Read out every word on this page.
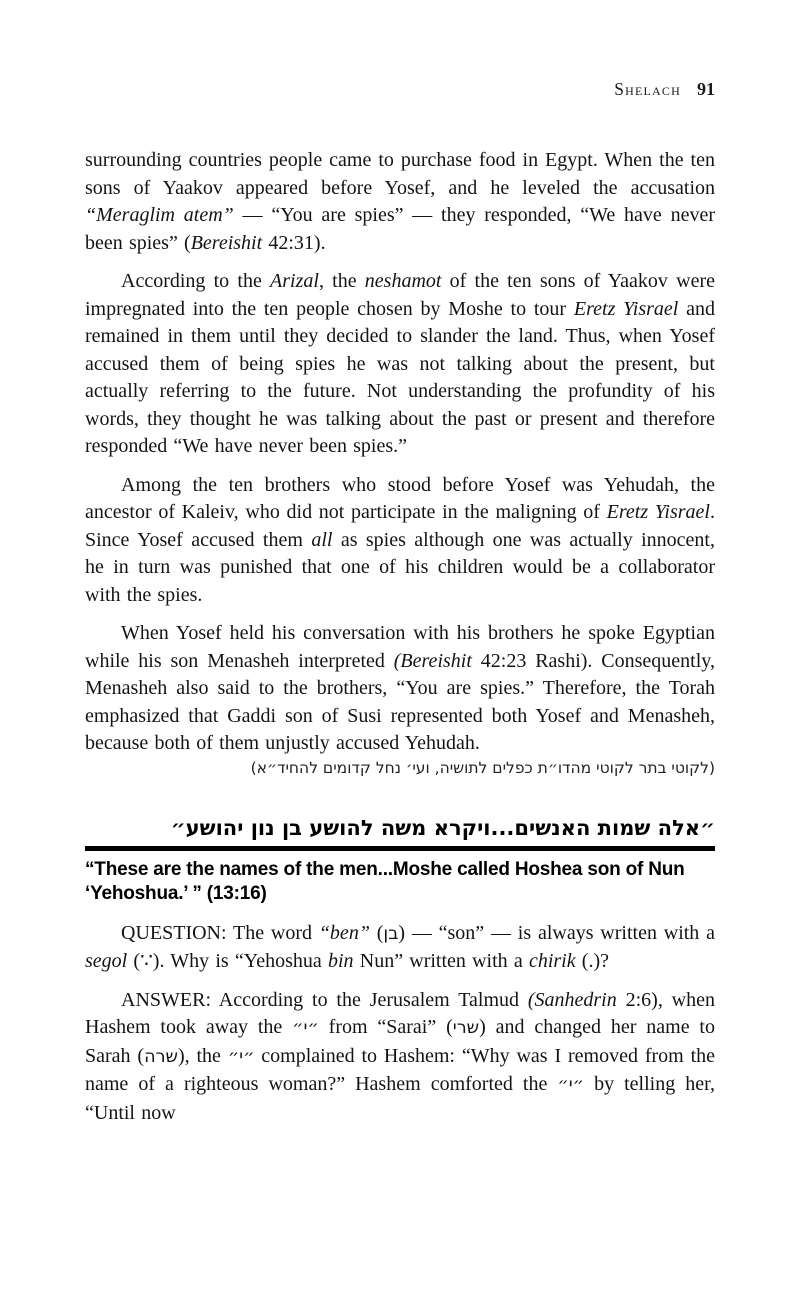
Shelach 91

surrounding countries people came to purchase food in Egypt. When the ten sons of Yaakov appeared before Yosef, and he leveled the accusation “Meraglim atem” — “You are spies” — they responded, “We have never been spies” (Bereishit 42:31).

According to the Arizal, the neshamot of the ten sons of Yaakov were impregnated into the ten people chosen by Moshe to tour Eretz Yisrael and remained in them until they decided to slander the land. Thus, when Yosef accused them of being spies he was not talking about the present, but actually referring to the future. Not understanding the profundity of his words, they thought he was talking about the past or present and therefore responded “We have never been spies.”

Among the ten brothers who stood before Yosef was Yehudah, the ancestor of Kaleiv, who did not participate in the maligning of Eretz Yisrael. Since Yosef accused them all as spies although one was actually innocent, he in turn was punished that one of his children would be a collaborator with the spies.

When Yosef held his conversation with his brothers he spoke Egyptian while his son Menasheh interpreted (Bereishit 42:23 Rashi). Consequently, Menasheh also said to the brothers, “You are spies.” Therefore, the Torah emphasized that Gaddi son of Susi represented both Yosef and Menasheh, because both of them unjustly accused Yehudah.

(לקוטי בתר לקוטי מהדו״ת כפלים לתושיה, ועי׳ נחל קדומים להחיד״א)
״אלה שמות האנשים...ויקרא משה להושע בן נון יהושע״
“These are the names of the men...Moshe called Hoshea son of Nun ‘Yehoshua.’ ” (13:16)

QUESTION: The word “ben” (בן) — “son” — is always written with a segol (∵). Why is “Yehoshua bin Nun” written with a chirik (.)?

ANSWER: According to the Jerusalem Talmud (Sanhedrin 2:6), when Hashem took away the ״י״ from “Sarai” (שרי) and changed her name to Sarah (שרה), the ״י״ complained to Hashem: “Why was I removed from the name of a righteous woman?” Hashem comforted the ״י״ by telling her, “Until now
